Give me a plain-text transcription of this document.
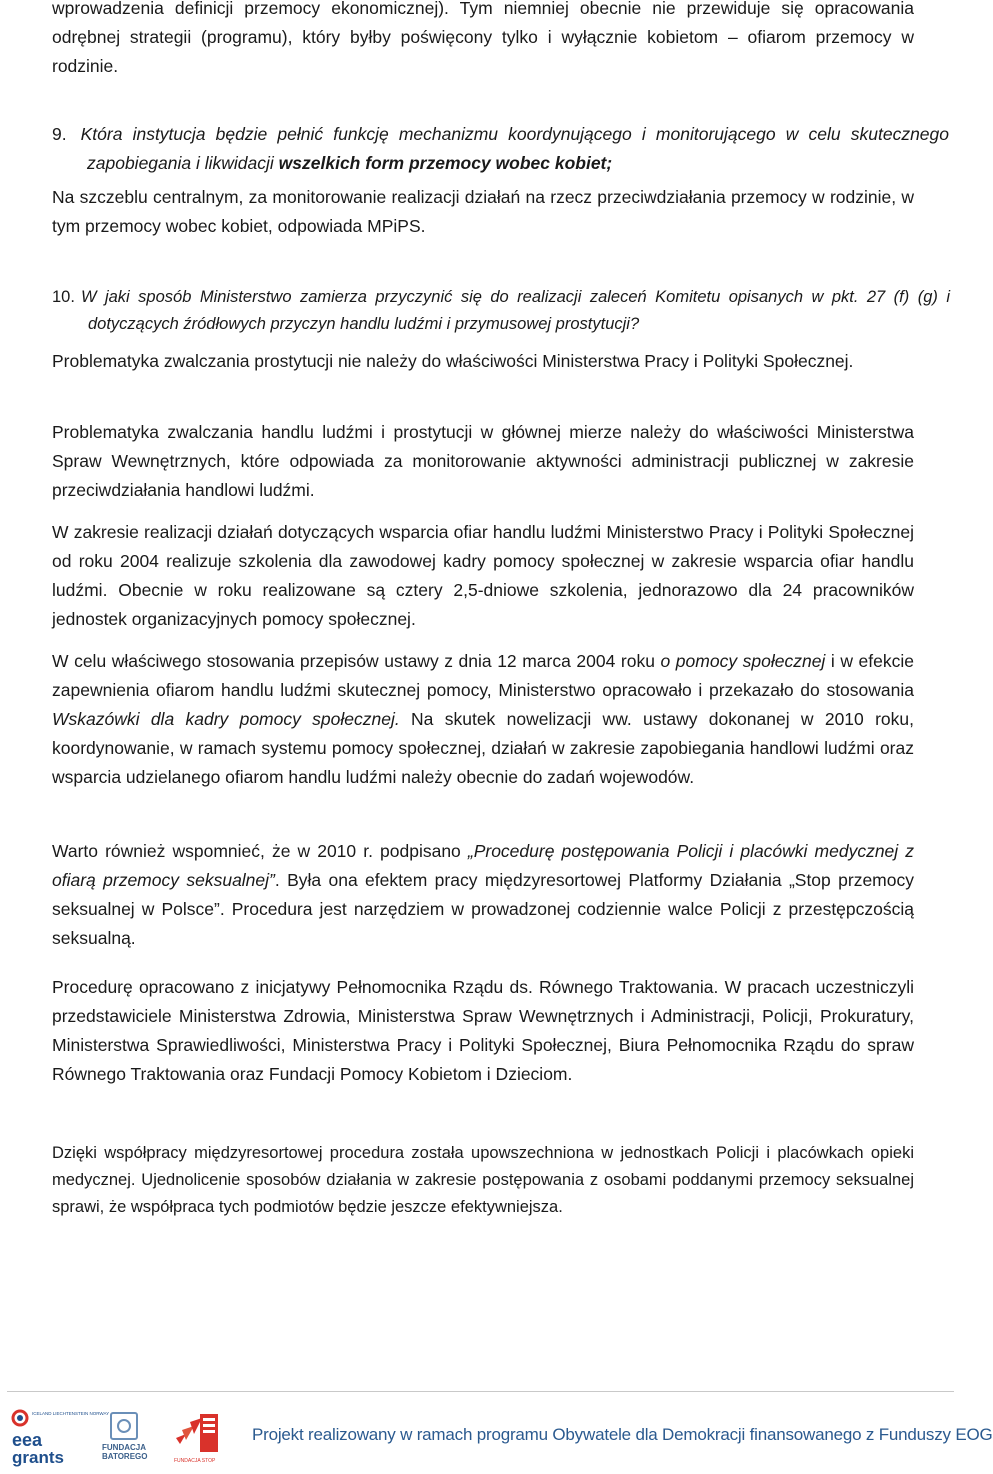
wprowadzenia definicji przemocy ekonomicznej). Tym niemniej obecnie nie przewiduje się opracowania odrębnej strategii (programu), który byłby poświęcony tylko i wyłącznie kobietom – ofiarom przemocy w rodzinie.

9. Która instytucja będzie pełnić funkcję mechanizmu koordynującego i monitorującego w celu skutecznego zapobiegania i likwidacji wszelkich form przemocy wobec kobiet;

Na szczeblu centralnym, za monitorowanie realizacji działań na rzecz przeciwdziałania przemocy w rodzinie, w tym przemocy wobec kobiet, odpowiada MPiPS.

10. W jaki sposób Ministerstwo zamierza przyczynić się do realizacji zaleceń Komitetu opisanych w pkt. 27 (f) (g) i dotyczących źródłowych przyczyn handlu ludźmi i przymusowej prostytucji?

Problematyka zwalczania prostytucji nie należy do właściwości Ministerstwa Pracy i Polityki Społecznej.

Problematyka zwalczania handlu ludźmi i prostytucji w głównej mierze należy do właściwości Ministerstwa Spraw Wewnętrznych, które odpowiada za monitorowanie aktywności administracji publicznej w zakresie przeciwdziałania handlowi ludźmi.

W zakresie realizacji działań dotyczących wsparcia ofiar handlu ludźmi Ministerstwo Pracy i Polityki Społecznej od roku 2004 realizuje szkolenia dla zawodowej kadry pomocy społecznej w zakresie wsparcia ofiar handlu ludźmi. Obecnie w roku realizowane są cztery 2,5-dniowe szkolenia, jednorazowo dla 24 pracowników jednostek organizacyjnych pomocy społecznej.

W celu właściwego stosowania przepisów ustawy z dnia 12 marca 2004 roku o pomocy społecznej i w efekcie zapewnienia ofiarom handlu ludźmi skutecznej pomocy, Ministerstwo opracowało i przekazało do stosowania Wskazówki dla kadry pomocy społecznej. Na skutek nowelizacji ww. ustawy dokonanej w 2010 roku, koordynowanie, w ramach systemu pomocy społecznej, działań w zakresie zapobiegania handlowi ludźmi oraz wsparcia udzielanego ofiarom handlu ludźmi należy obecnie do zadań wojewodów.

Warto również wspomnieć, że w 2010 r. podpisano „Procedurę postępowania Policji i placówki medycznej z ofiarą przemocy seksualnej”. Była ona efektem pracy międzyresortowej Platformy Działania „Stop przemocy seksualnej w Polsce”. Procedura jest narzędziem w prowadzonej codziennie walce Policji z przestępczością seksualną.

Procedurę opracowano z inicjatywy Pełnomocnika Rządu ds. Równego Traktowania. W pracach uczestniczyli przedstawiciele Ministerstwa Zdrowia, Ministerstwa Spraw Wewnętrznych i Administracji, Policji, Prokuratury, Ministerstwa Sprawiedliwości, Ministerstwa Pracy i Polityki Społecznej, Biura Pełnomocnika Rządu do spraw Równego Traktowania oraz Fundacji Pomocy Kobietom i Dzieciom.

Dzięki współpracy międzyresortowej procedura została upowszechniona w jednostkach Policji i placówkach opieki medycznej. Ujednolicenie sposobów działania w zakresie postępowania z osobami poddanymi przemocy seksualnej sprawi, że współpraca tych podmiotów będzie jeszcze efektywniejsza.

ICELAND LIECHTENSTEIN NORWAY
eea
grants
FUNDACJA
BATOREGO	FUNDACJA STOP
Projekt realizowany w ramach programu Obywatele dla Demokracji finansowanego z Funduszy EOG
